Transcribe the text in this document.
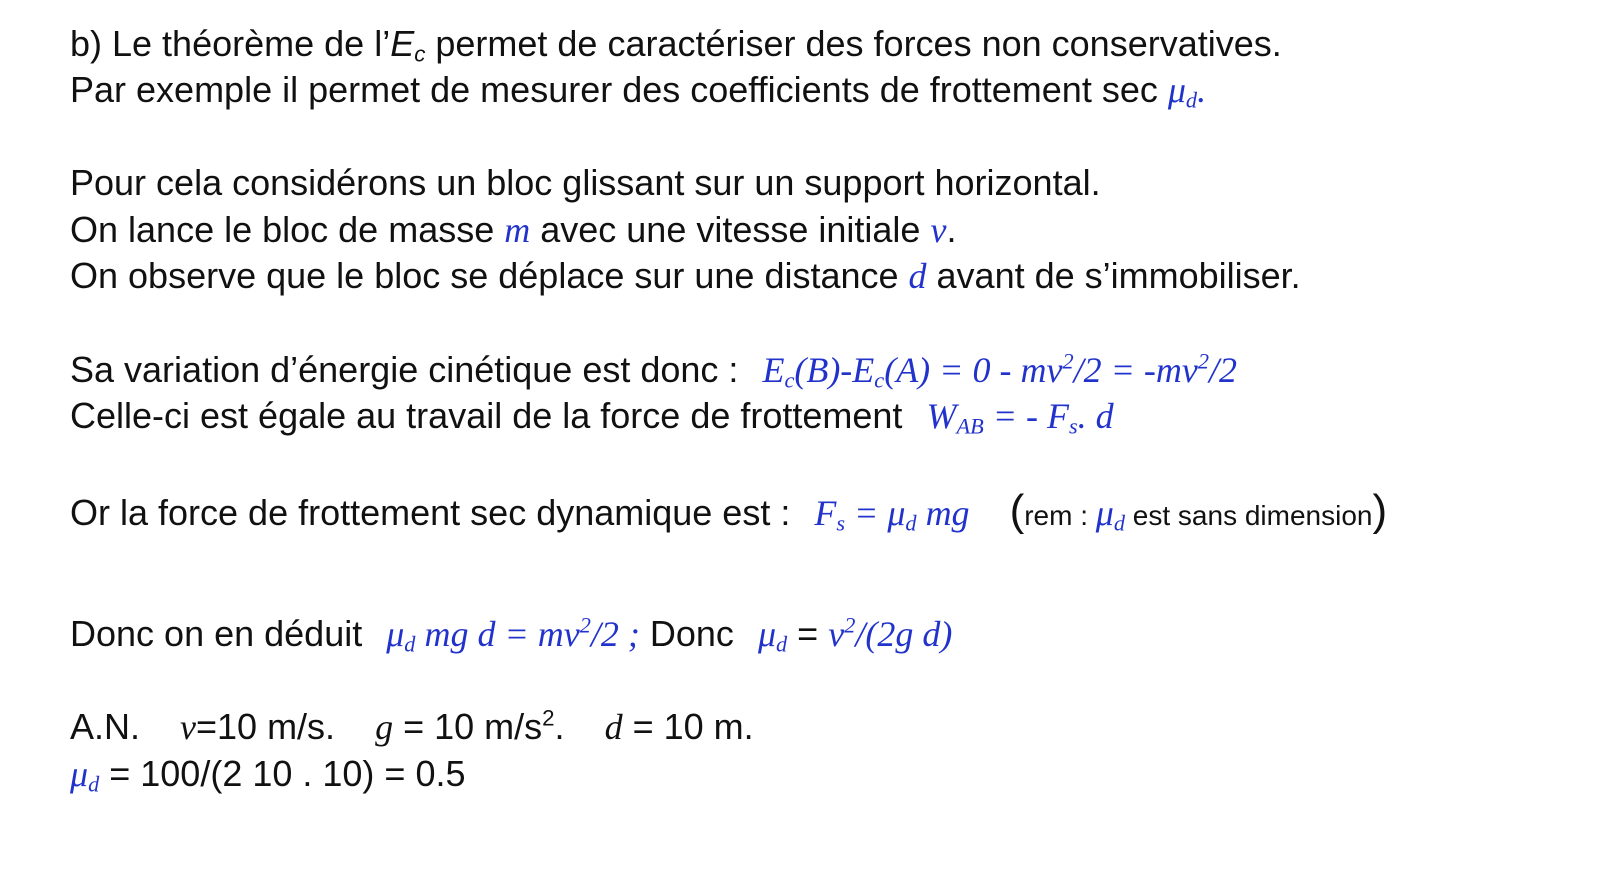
b) Le théorème de $l’E_c$ permet de caractériser des forces non conservatives.
Par exemple il permet de mesurer des coefficients de frottement $\sec \mu_d$.
Pour cela considérons un bloc glissant sur un support horizontal.
On lance le bloc de masse m avec une vitesse initiale v.
On observe que le bloc se déplace sur une distance d avant de s’immobiliser.
Sa variation d’énergie cinétique est donc : $E_c(B)-E_c(A) = 0 - mv^2/2 = -mv^2/2$
Celle-ci est égale au travail de la force de frottement $W_{AB}$ = - $F_s$. d
Or la force de frottement sec dynamique est : $F_s = \mu_d$ mg (rem : $\mu_d$ est sans dimension)
Donc on en déduit $\mu_d$ mg $d = mv^2/2$ ; Donc $\mu_d = v^2/(2g$ d)
A.N. v=10 m/s. g = 10 $m/s^2$. d = 10 m.
$\mu_d = 100/(2$ 10 . 10) = 0.5
